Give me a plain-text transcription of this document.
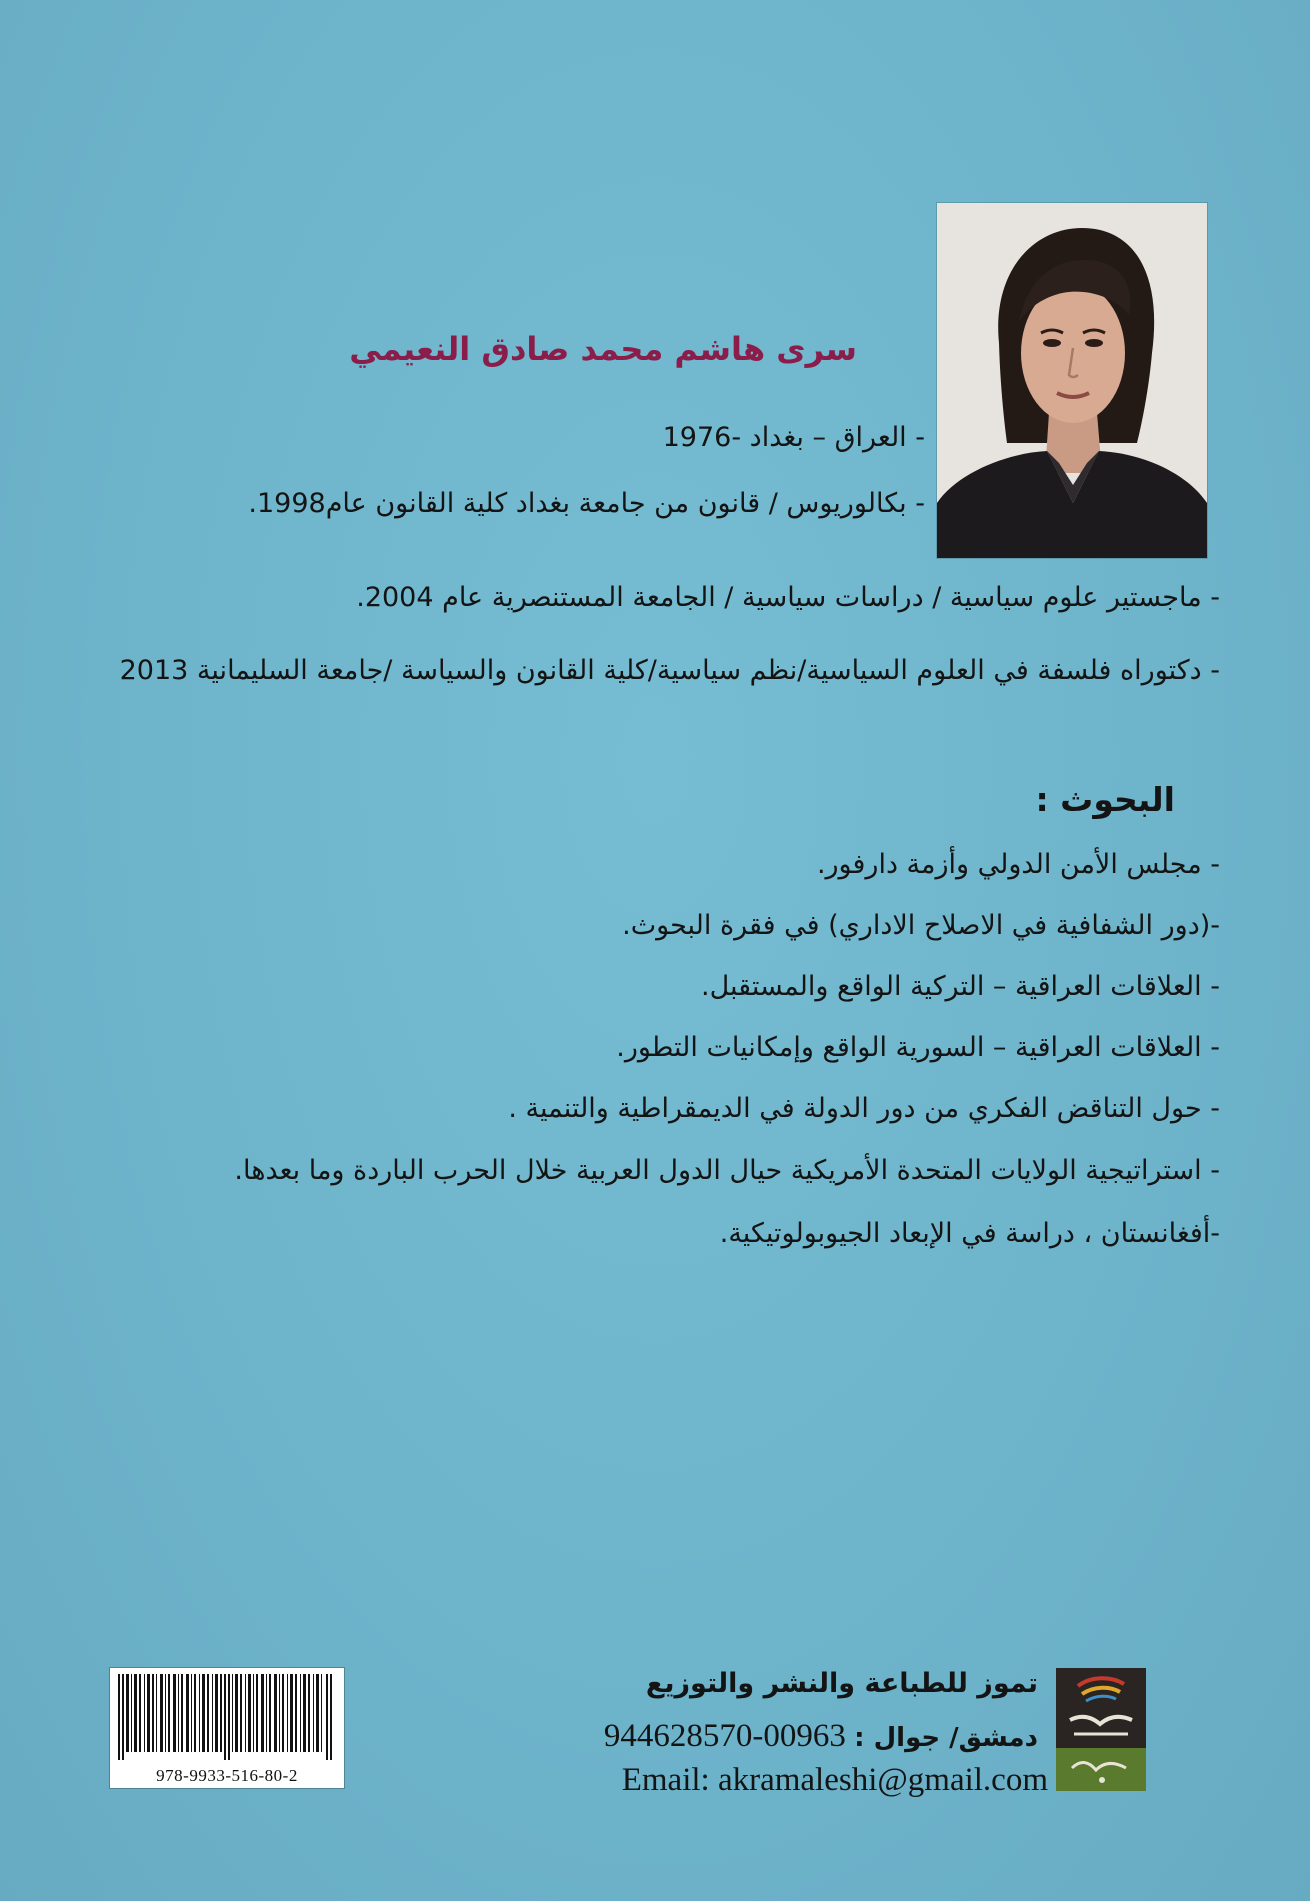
سرى هاشم محمد صادق النعيمي
- العراق – بغداد -1976
- بكالوريوس / قانون من جامعة بغداد كلية القانون عام1998.
- ماجستير علوم سياسية / دراسات سياسية / الجامعة المستنصرية عام 2004.
- دكتوراه فلسفة في العلوم السياسية/نظم سياسية/كلية القانون والسياسة /جامعة السليمانية 2013
البحوث :
- مجلس الأمن الدولي وأزمة دارفور.
-(دور الشفافية في الاصلاح الاداري) في فقرة البحوث.
- العلاقات العراقية – التركية الواقع والمستقبل.
- العلاقات العراقية – السورية الواقع وإمكانيات التطور.
- حول التناقض الفكري من دور الدولة في الديمقراطية والتنمية .
- استراتيجية الولايات المتحدة الأمريكية حيال الدول العربية خلال الحرب الباردة وما بعدها.
-أفغانستان ، دراسة في الإبعاد الجيوبولوتيكية.
978-9933-516-80-2
تموز للطباعة والنشر والتوزيع
دمشق/ جوال : 944628570-00963
Email: akramaleshi@gmail.com
